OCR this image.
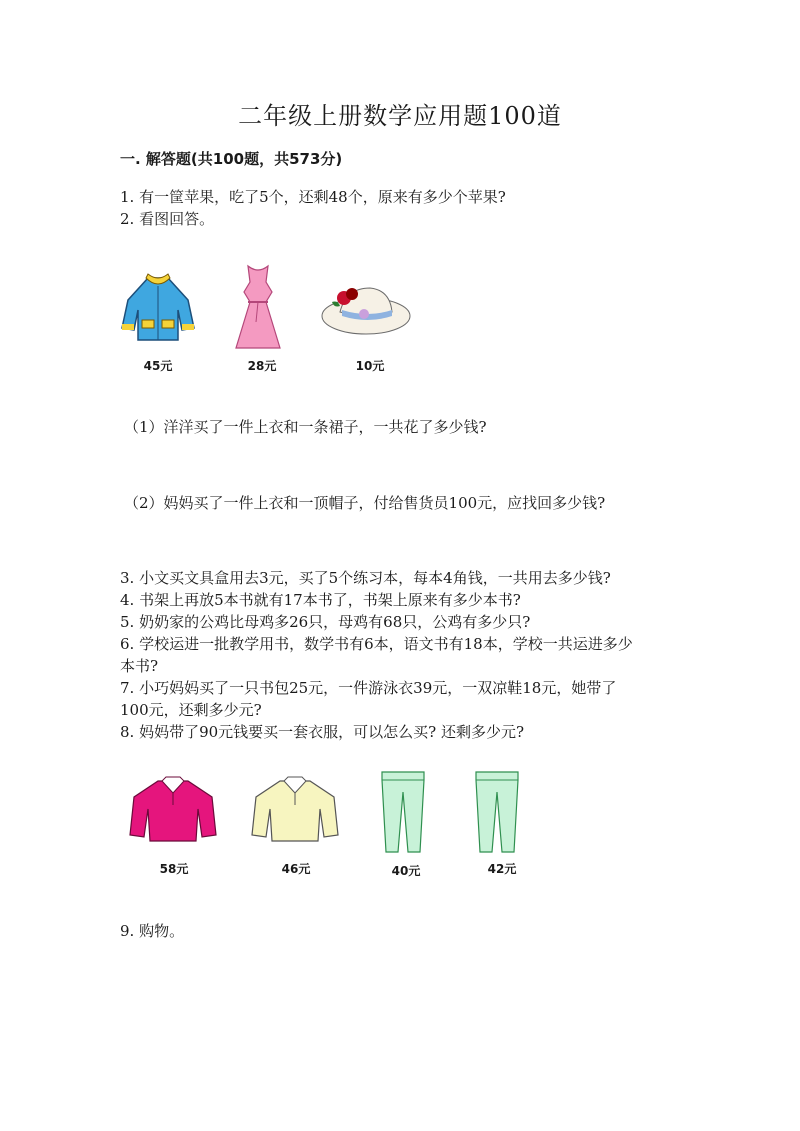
二年级上册数学应用题100道
一. 解答题(共100题，共573分)
1. 有一筐苹果，吃了5个，还剩48个，原来有多少个苹果?
2. 看图回答。
45元	28元	10元
（1）洋洋买了一件上衣和一条裙子，一共花了多少钱?
（2）妈妈买了一件上衣和一顶帽子，付给售货员100元，应找回多少钱?
3. 小文买文具盒用去3元，买了5个练习本，每本4角钱，一共用去多少钱?
4. 书架上再放5本书就有17本书了，书架上原来有多少本书?
5. 奶奶家的公鸡比母鸡多26只，母鸡有68只，公鸡有多少只?
6. 学校运进一批教学用书，数学书有6本，语文书有18本，学校一共运进多少
本书?
7. 小巧妈妈买了一只书包25元，一件游泳衣39元，一双凉鞋18元，她带了
100元，还剩多少元?
8. 妈妈带了90元钱要买一套衣服，可以怎么买? 还剩多少元?
58元	46元	40元	42元
9. 购物。
